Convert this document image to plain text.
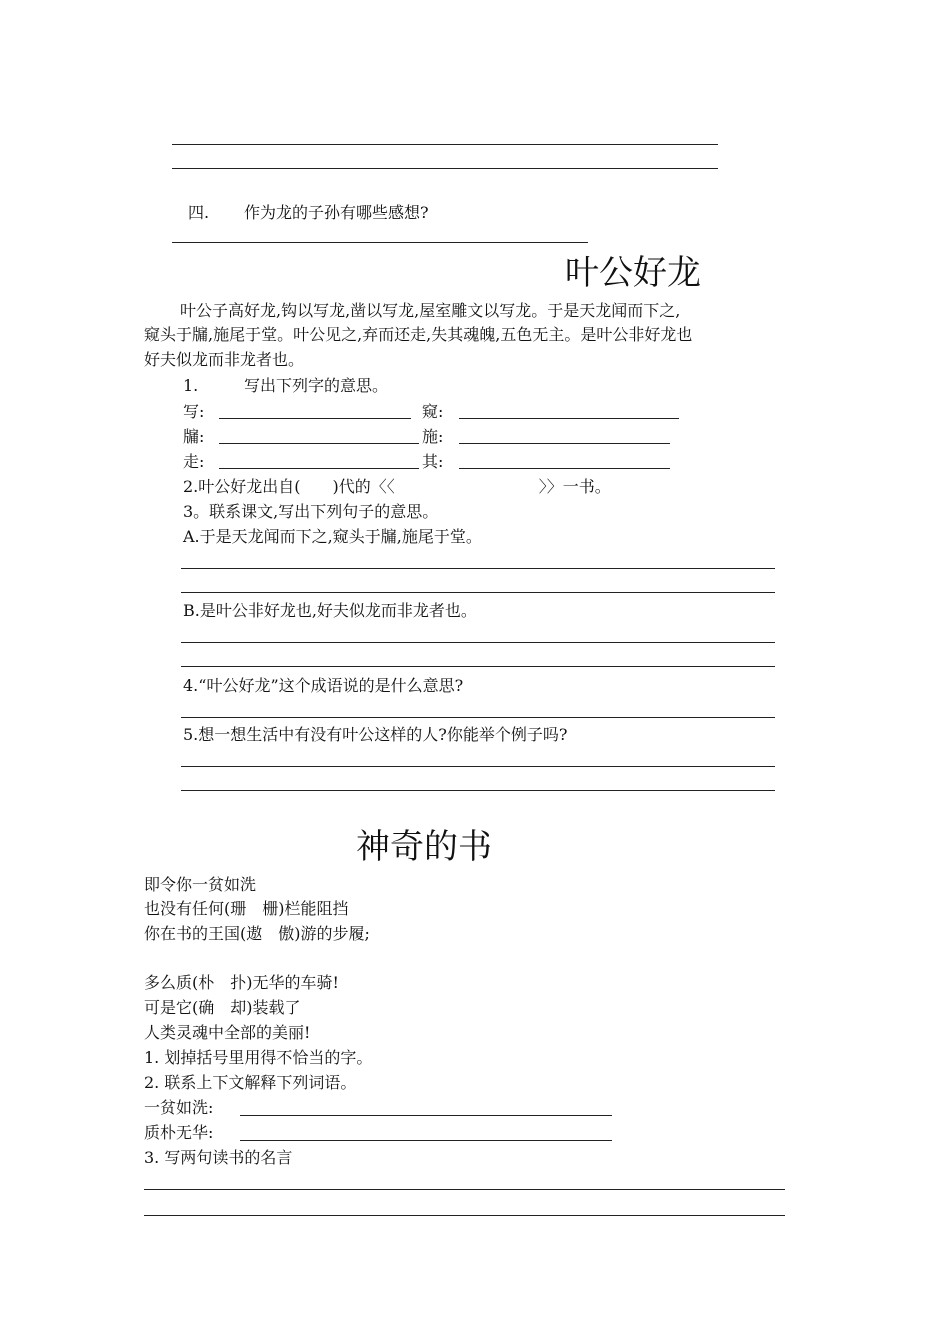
四. 作为龙的子孙有哪些感想?
叶公好龙
叶公子高好龙,钩以写龙,凿以写龙,屋室雕文以写龙。于是天龙闻而下之,
窥头于牖,施尾于堂。叶公见之,弃而还走,失其魂魄,五色无主。是叶公非好龙也
好夫似龙而非龙者也。
1.	写出下列字的意思。
写:	窥:
牖:	施:
走:	其:
2.叶公好龙出自(　　)代的〈〈　　　　　　　　　〉〉一书。
3。联系课文,写出下列句子的意思。
A.于是天龙闻而下之,窥头于牖,施尾于堂。
B.是叶公非好龙也,好夫似龙而非龙者也。
4.“叶公好龙”这个成语说的是什么意思?
5.想一想生活中有没有叶公这样的人?你能举个例子吗?
神奇的书
即令你一贫如洗
也没有任何(珊　栅)栏能阻挡
你在书的王国(遨　傲)游的步履;
多么质(朴　扑)无华的车骑!
可是它(确　却)装载了
人类灵魂中全部的美丽!
1. 划掉括号里用得不恰当的字。
2. 联系上下文解释下列词语。
一贫如洗:
质朴无华:
3. 写两句读书的名言
